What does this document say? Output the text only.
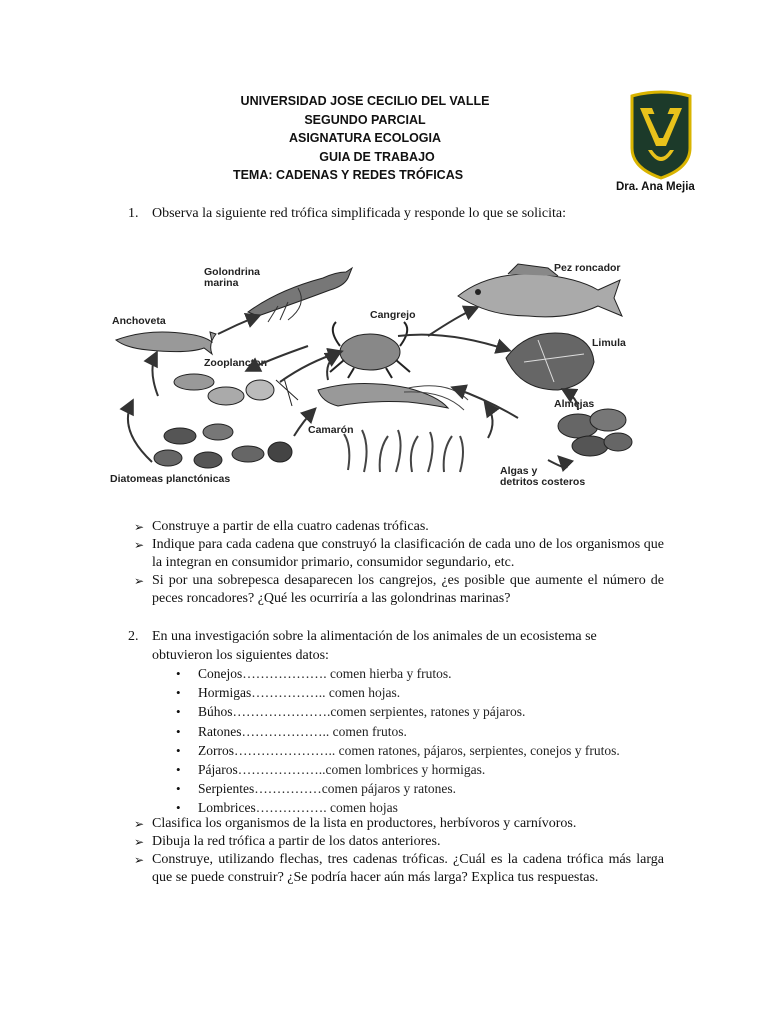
UNIVERSIDAD JOSE CECILIO DEL VALLE
SEGUNDO PARCIAL
ASIGNATURA ECOLOGIA
GUIA DE TRABAJO
TEMA: CADENAS Y REDES TRÓFICAS
Dra. Ana Mejia
1. Observa la siguiente red trófica simplificada y responde lo que se solicita:
Golondrina
marina
Pez roncador
Anchoveta	Cangrejo
Limula
Zooplancton
Almejas
Camarón
Diatomeas planctónicas
Algas y
detritos costeros
➢ Construye a partir de ella cuatro cadenas tróficas.
➢ Indique para cada cadena que construyó la clasificación de cada uno de los organismos que la integran en consumidor primario, consumidor segundario, etc.
➢ Si por una sobrepesca desaparecen los cangrejos, ¿es posible que aumente el número de peces roncadores? ¿Qué les ocurriría a las golondrinas marinas?
2. En una investigación sobre la alimentación de los animales de un ecosistema se
obtuvieron los siguientes datos:
• Conejos………………. comen hierba y frutos.
• Hormigas…………….. comen hojas.
• Búhos………………….comen serpientes, ratones y pájaros.
• Ratones……………….. comen frutos.
• Zorros………………….. comen ratones, pájaros, serpientes, conejos y frutos.
• Pájaros………………..comen lombrices y hormigas.
• Serpientes……………comen pájaros y ratones.
• Lombrices……………. comen hojas
➢ Clasifica los organismos de la lista en productores, herbívoros y carnívoros.
➢ Dibuja la red trófica a partir de los datos anteriores.
➢ Construye, utilizando flechas, tres cadenas tróficas. ¿Cuál es la cadena trófica más larga que se puede construir? ¿Se podría hacer aún más larga? Explica tus respuestas.
